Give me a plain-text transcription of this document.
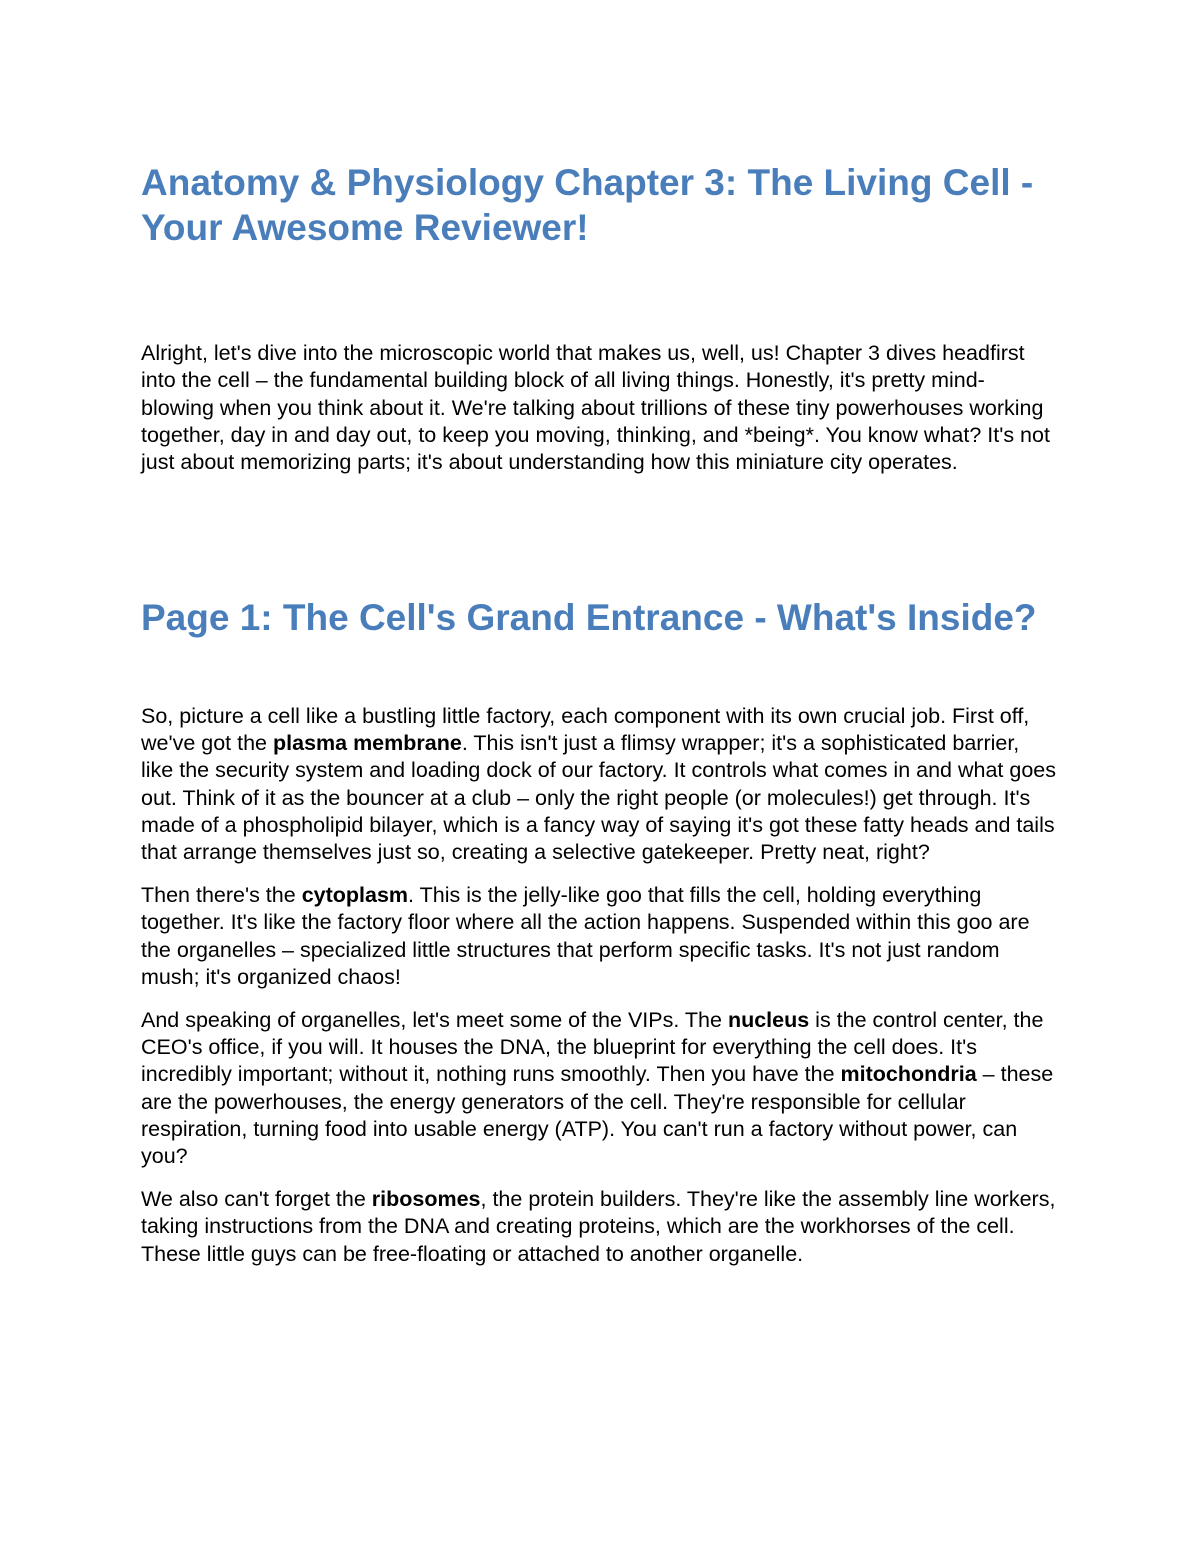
Anatomy & Physiology Chapter 3: The Living Cell - Your Awesome Reviewer!

Alright, let's dive into the microscopic world that makes us, well, us! Chapter 3 dives headfirst into the cell – the fundamental building block of all living things. Honestly, it's pretty mind-blowing when you think about it. We're talking about trillions of these tiny powerhouses working together, day in and day out, to keep you moving, thinking, and *being*. You know what? It's not just about memorizing parts; it's about understanding how this miniature city operates.

Page 1: The Cell's Grand Entrance - What's Inside?

So, picture a cell like a bustling little factory, each component with its own crucial job. First off, we've got the plasma membrane. This isn't just a flimsy wrapper; it's a sophisticated barrier, like the security system and loading dock of our factory. It controls what comes in and what goes out. Think of it as the bouncer at a club – only the right people (or molecules!) get through. It's made of a phospholipid bilayer, which is a fancy way of saying it's got these fatty heads and tails that arrange themselves just so, creating a selective gatekeeper. Pretty neat, right?

Then there's the cytoplasm. This is the jelly-like goo that fills the cell, holding everything together. It's like the factory floor where all the action happens. Suspended within this goo are the organelles – specialized little structures that perform specific tasks. It's not just random mush; it's organized chaos!

And speaking of organelles, let's meet some of the VIPs. The nucleus is the control center, the CEO's office, if you will. It houses the DNA, the blueprint for everything the cell does. It's incredibly important; without it, nothing runs smoothly. Then you have the mitochondria – these are the powerhouses, the energy generators of the cell. They're responsible for cellular respiration, turning food into usable energy (ATP). You can't run a factory without power, can you?

We also can't forget the ribosomes, the protein builders. They're like the assembly line workers, taking instructions from the DNA and creating proteins, which are the workhorses of the cell. These little guys can be free-floating or attached to another organelle.
